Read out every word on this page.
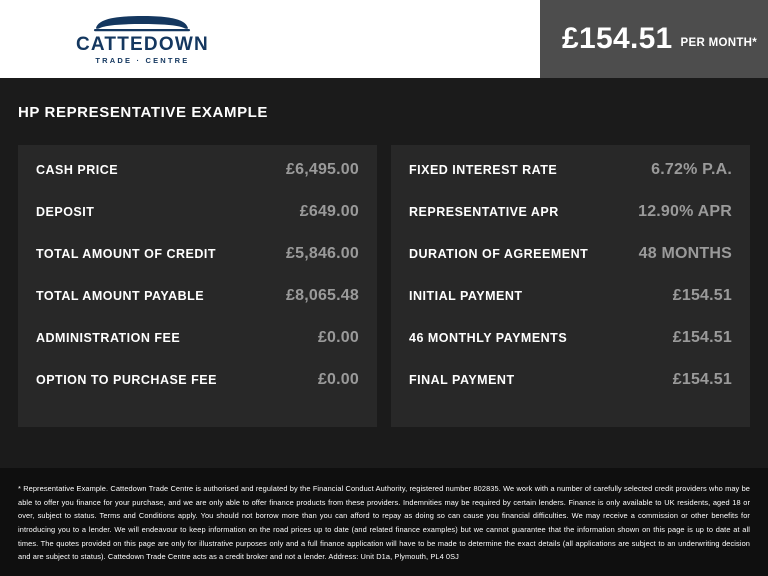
CATTEDOWN
TRADE · CENTRE
£154.51 PER MONTH*
HP REPRESENTATIVE EXAMPLE
CASH PRICE	£6,495.00
DEPOSIT	£649.00
TOTAL AMOUNT OF CREDIT	£5,846.00
TOTAL AMOUNT PAYABLE	£8,065.48
ADMINISTRATION FEE	£0.00
OPTION TO PURCHASE FEE	£0.00
FIXED INTEREST RATE	6.72% P.A.
REPRESENTATIVE APR	12.90% APR
DURATION OF AGREEMENT	48 MONTHS
INITIAL PAYMENT	£154.51
46 MONTHLY PAYMENTS	£154.51
FINAL PAYMENT	£154.51
* Representative Example. Cattedown Trade Centre is authorised and regulated by the Financial Conduct Authority, registered number 802835. We work with a number of carefully selected credit providers who may be able to offer you finance for your purchase, and we are only able to offer finance products from these providers. Indemnities may be required by certain lenders. Finance is only available to UK residents, aged 18 or over, subject to status. Terms and Conditions apply. You should not borrow more than you can afford to repay as doing so can cause you financial difficulties. We may receive a commission or other benefits for introducing you to a lender. We will endeavour to keep information on the road prices up to date (and related finance examples) but we cannot guarantee that the information shown on this page is up to date at all times. The quotes provided on this page are only for illustrative purposes only and a full finance application will have to be made to determine the exact details (all applications are subject to an underwriting decision and are subject to status). Cattedown Trade Centre acts as a credit broker and not a lender. Address: Unit D1a, Plymouth, PL4 0SJ
